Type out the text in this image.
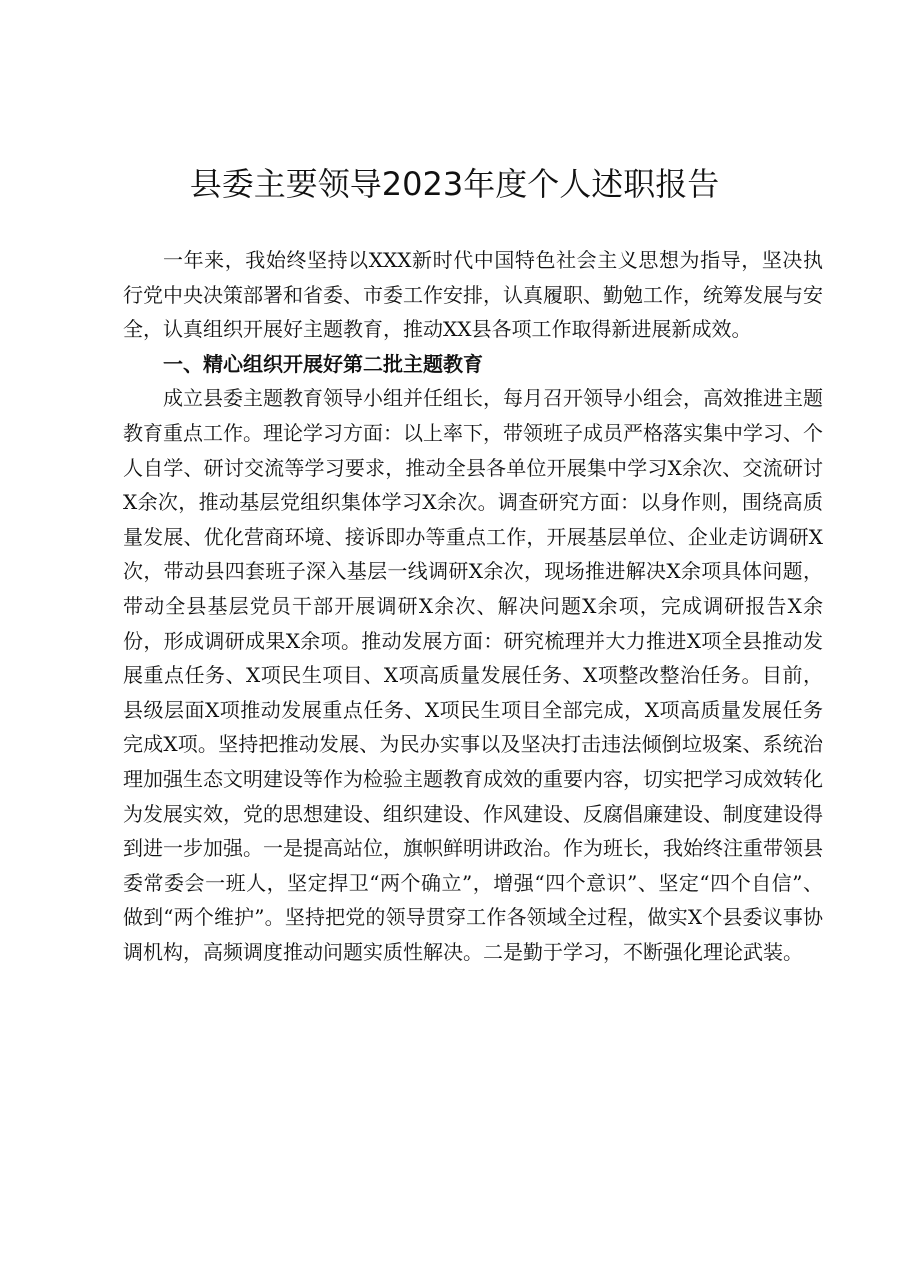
县委主要领导2023年度个人述职报告

一年来，我始终坚持以XXX新时代中国特色社会主义思想为指导，坚决执行党中央决策部署和省委、市委工作安排，认真履职、勤勉工作，统筹发展与安全，认真组织开展好主题教育，推动XX县各项工作取得新进展新成效。

一、精心组织开展好第二批主题教育

成立县委主题教育领导小组并任组长，每月召开领导小组会，高效推进主题教育重点工作。理论学习方面：以上率下，带领班子成员严格落实集中学习、个人自学、研讨交流等学习要求，推动全县各单位开展集中学习X余次、交流研讨X余次，推动基层党组织集体学习X余次。调查研究方面：以身作则，围绕高质量发展、优化营商环境、接诉即办等重点工作，开展基层单位、企业走访调研X次，带动县四套班子深入基层一线调研X余次，现场推进解决X余项具体问题，带动全县基层党员干部开展调研X余次、解决问题X余项，完成调研报告X余份，形成调研成果X余项。推动发展方面：研究梳理并大力推进X项全县推动发展重点任务、X项民生项目、X项高质量发展任务、X项整改整治任务。目前，县级层面X项推动发展重点任务、X项民生项目全部完成，X项高质量发展任务完成X项。坚持把推动发展、为民办实事以及坚决打击违法倾倒垃圾案、系统治理加强生态文明建设等作为检验主题教育成效的重要内容，切实把学习成效转化为发展实效，党的思想建设、组织建设、作风建设、反腐倡廉建设、制度建设得到进一步加强。一是提高站位，旗帜鲜明讲政治。作为班长，我始终注重带领县委常委会一班人，坚定捍卫“两个确立”，增强“四个意识”、坚定“四个自信”、做到“两个维护”。坚持把党的领导贯穿工作各领域全过程，做实X个县委议事协调机构，高频调度推动问题实质性解决。二是勤于学习，不断强化理论武装。
